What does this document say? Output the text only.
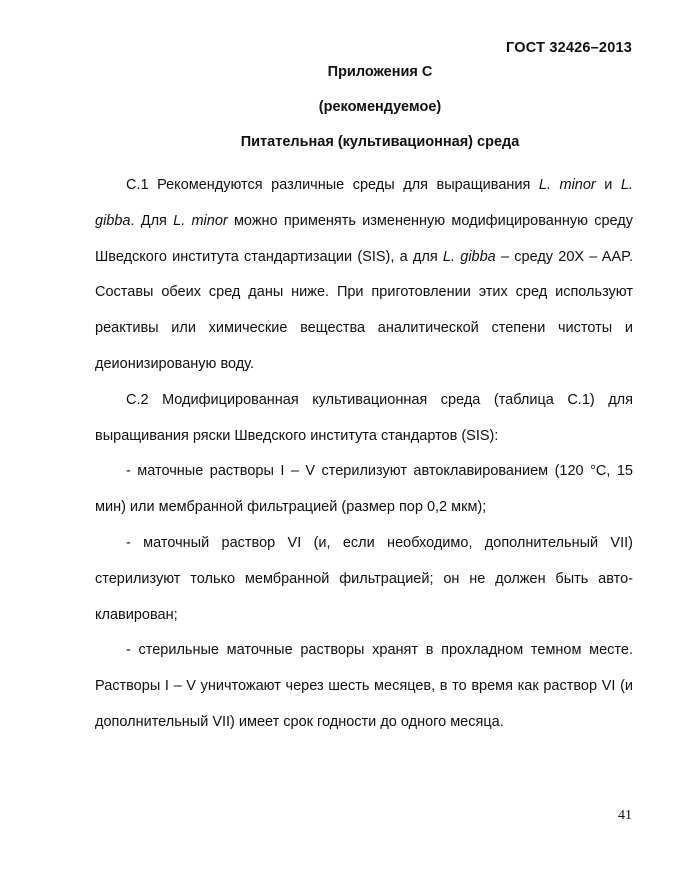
ГОСТ 32426–2013
Приложения С
(рекомендуемое)
Питательная (культивационная) среда

С.1 Рекомендуются различные среды для выращивания L. minor и L. gibba. Для L. minor можно применять измененную модифицированную среду Шведского института стандартизации (SIS), а для L. gibba – среду 20X – AAP. Составы обеих сред даны ниже. При приготовлении этих сред используют реактивы или химические вещества аналитической степени чистоты и деионизированую воду.

С.2 Модифицированная культивационная среда (таблица С.1) для выращивания ряски Шведского института стандартов (SIS):

- маточные растворы I – V стерилизуют автоклавированием (120 °С, 15 мин) или мембранной фильтрацией (размер пор 0,2 мкм);

- маточный раствор VI (и, если необходимо, дополнительный VII) стерилизуют только мембранной фильтрацией; он не должен быть автоклавирован;

- стерильные маточные растворы хранят в прохладном темном месте. Растворы I – V уничтожают через шесть месяцев, в то время как раствор VI (и дополнительный VII) имеет срок годности до одного месяца.

41
